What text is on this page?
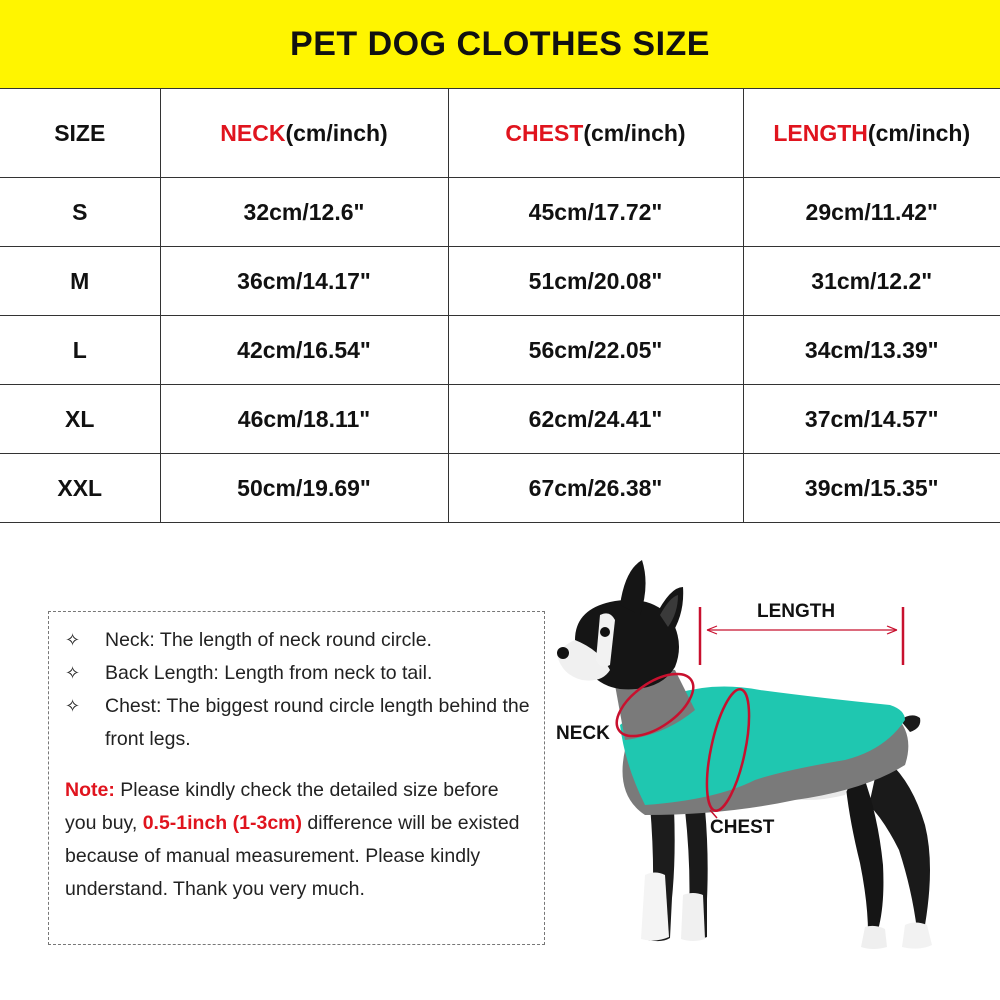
PET DOG CLOTHES SIZE
SIZE	NECK(cm/inch)	CHEST(cm/inch)	LENGTH(cm/inch)
S	32cm/12.6"	45cm/17.72"	29cm/11.42"
M	36cm/14.17"	51cm/20.08"	31cm/12.2"
L	42cm/16.54"	56cm/22.05"	34cm/13.39"
XL	46cm/18.11"	62cm/24.41"	37cm/14.57"
XXL	50cm/19.69"	67cm/26.38"	39cm/15.35"
✧	Neck: The length of neck round circle.
✧	Back Length: Length from neck to tail.
✧	Chest: The biggest round circle length behind the front legs.

Note: Please kindly check the detailed size before you buy, 0.5-1inch (1-3cm) difference will be existed because of manual measurement. Please kindly understand. Thank you very much.

LENGTH
NECK
CHEST
